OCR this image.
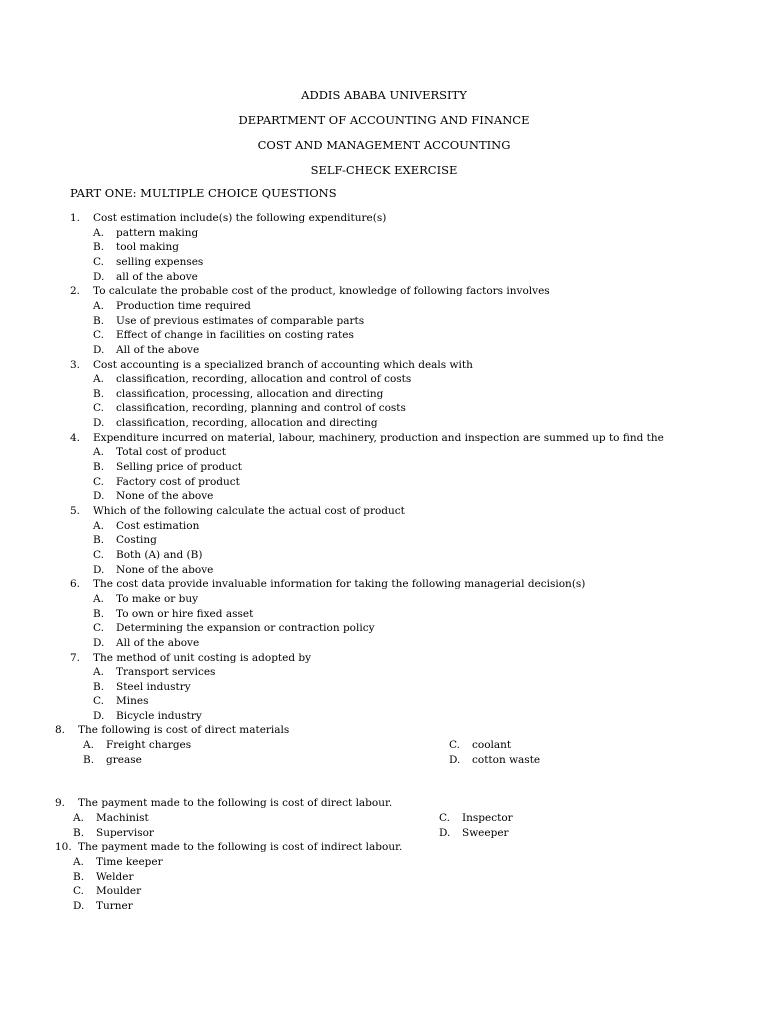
ADDIS ABABA UNIVERSITY
DEPARTMENT OF ACCOUNTING AND FINANCE
COST AND MANAGEMENT ACCOUNTING
SELF-CHECK EXERCISE
PART ONE: MULTIPLE CHOICE QUESTIONS
1. Cost estimation include(s) the following expenditure(s)
A. pattern making
B. tool making
C. selling expenses
D. all of the above
2. To calculate the probable cost of the product, knowledge of following factors involves
A. Production time required
B. Use of previous estimates of comparable parts
C. Effect of change in facilities on costing rates
D. All of the above
3. Cost accounting is a specialized branch of accounting which deals with
A. classification, recording, allocation and control of costs
B. classification, processing, allocation and directing
C. classification, recording, planning and control of costs
D. classification, recording, allocation and directing
4. Expenditure incurred on material, labour, machinery, production and inspection are summed up to find the
A. Total cost of product
B. Selling price of product
C. Factory cost of product
D. None of the above
5. Which of the following calculate the actual cost of product
A. Cost estimation
B. Costing
C. Both (A) and (B)
D. None of the above
6. The cost data provide invaluable information for taking the following managerial decision(s)
A. To make or buy
B. To own or hire fixed asset
C. Determining the expansion or contraction policy
D. All of the above
7. The method of unit costing is adopted by
A. Transport services
B. Steel industry
C. Mines
D. Bicycle industry
8. The following is cost of direct materials
A. Freight charges
B. grease
C. coolant
D. cotton waste
9. The payment made to the following is cost of direct labour.
A. Machinist
B. Supervisor
C. Inspector
D. Sweeper
10. The payment made to the following is cost of indirect labour.
A. Time keeper
B. Welder
C. Moulder
D. Turner
